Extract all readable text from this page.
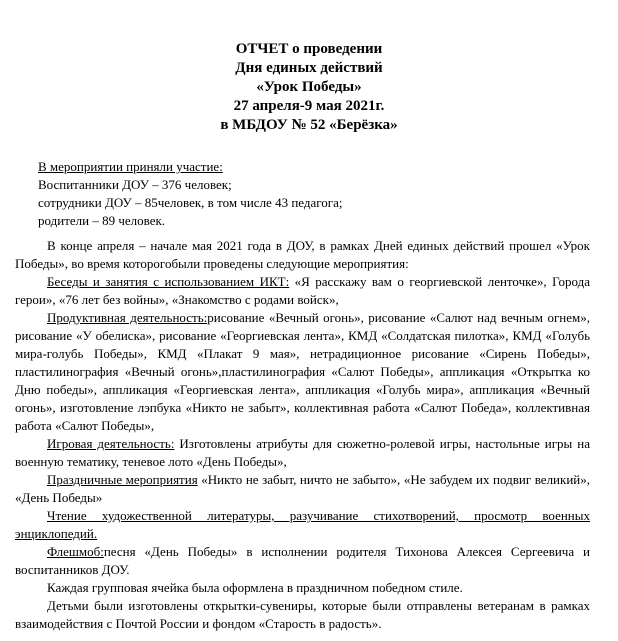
ОТЧЕТ о проведении
Дня единых действий
«Урок Победы»
27 апреля-9 мая 2021г.
в МБДОУ № 52 «Берёзка»
В мероприятии приняли участие:
Воспитанники ДОУ – 376 человек;
сотрудники ДОУ – 85человек, в том числе 43 педагога;
родители – 89 человек.

В конце апреля – начале мая 2021 года в ДОУ, в рамках Дней единых действий прошел «Урок Победы», во время которогобыли проведены следующие мероприятия:

Беседы и занятия с использованием ИКТ: «Я расскажу вам о георгиевской ленточке», Города герои», «76 лет без войны», «Знакомство с родами войск»,

Продуктивная деятельность:рисование «Вечный огонь», рисование «Салют над вечным огнем», рисование «У обелиска», рисование «Георгиевская лента», КМД «Солдатская пилотка», КМД «Голубь мира-голубь Победы», КМД «Плакат 9 мая», нетрадиционное рисование «Сирень Победы», пластилинография «Вечный огонь»,пластилинография «Салют Победы», аппликация «Открытка ко Дню победы», аппликация «Георгиевская лента», аппликация «Голубь мира», аппликация «Вечный огонь», изготовление лэпбука «Никто не забыт», коллективная работа «Салют Победа», коллективная работа «Салют Победы»,

Игровая деятельность: Изготовлены атрибуты для сюжетно-ролевой игры, настольные игры на военную тематику, теневое лото «День Победы»,

Праздничные мероприятия «Никто не забыт, ничто не забыто», «Не забудем их подвиг великий», «День Победы»

Чтение художественной литературы, разучивание стихотворений, просмотр военных энциклопедий.

Флешмоб:песня «День Победы» в исполнении родителя Тихонова Алексея Сергеевича и воспитанников ДОУ.

Каждая групповая ячейка была оформлена в праздничном победном стиле.

Детьми были изготовлены открытки-сувениры, которые были отправлены ветеранам в рамках взаимодействия с Почтой России и фондом «Старость в радость».
